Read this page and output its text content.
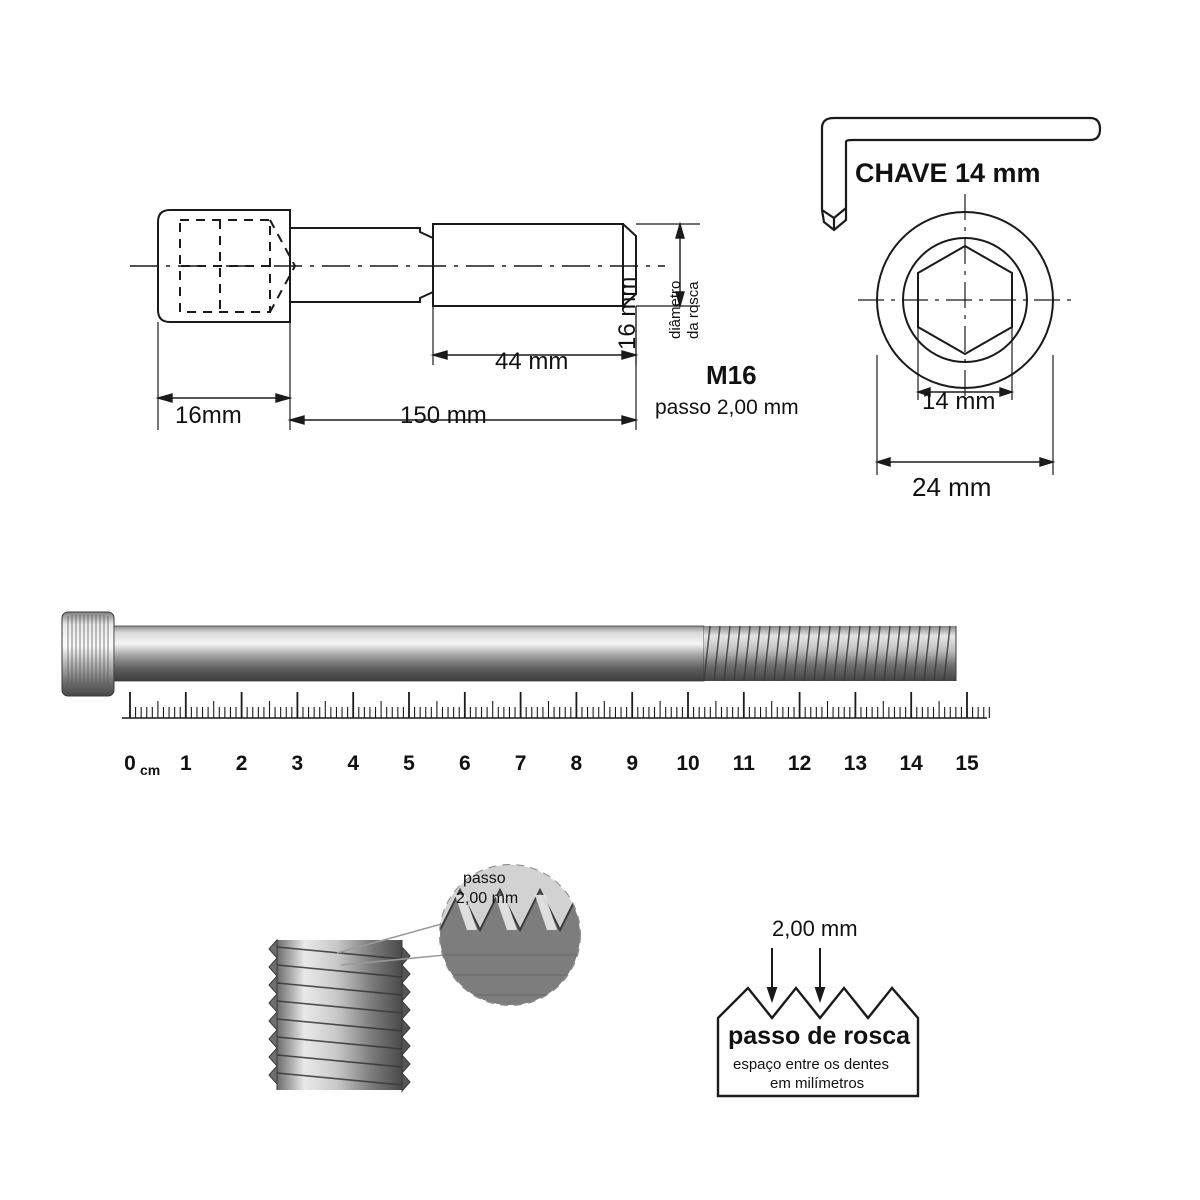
16mm	150 mm
44 mm
16 mm	diâmetro da rosca
M16
passo 2,00 mm
CHAVE 14 mm
14 mm
24 mm
0	1	2	3	4	5	6	7	8	9	10	11	12	13	14	15
cm
passo
2,00 mm
2,00 mm
passo de rosca
espaço entre os dentes
em milímetros
